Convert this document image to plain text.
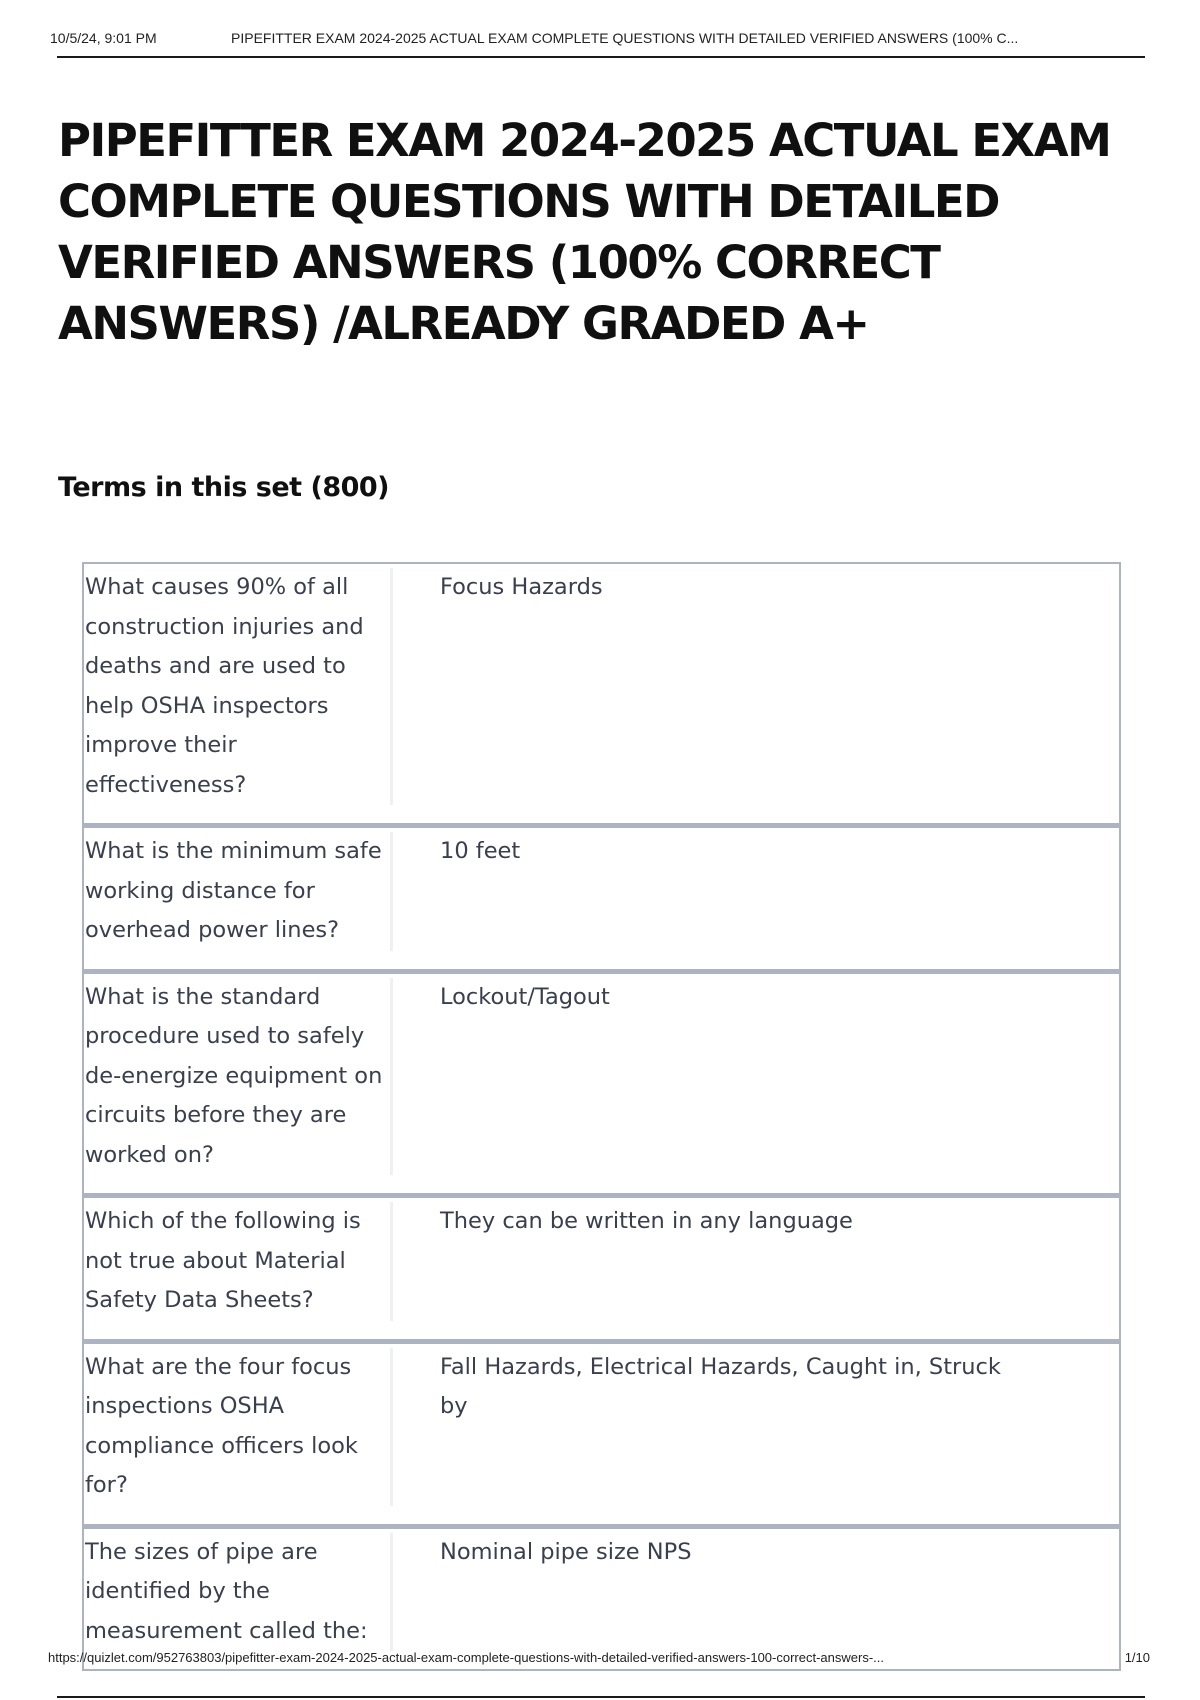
10/5/24, 9:01 PM	PIPEFITTER EXAM 2024-2025 ACTUAL EXAM COMPLETE QUESTIONS WITH DETAILED VERIFIED ANSWERS (100% C...
PIPEFITTER EXAM 2024-2025 ACTUAL EXAM COMPLETE QUESTIONS WITH DETAILED VERIFIED ANSWERS (100% CORRECT ANSWERS) /ALREADY GRADED A+
Terms in this set (800)
What causes 90% of all construction injuries and deaths and are used to help OSHA inspectors improve their effectiveness?
Focus Hazards
What is the minimum safe working distance for overhead power lines?
10 feet
What is the standard procedure used to safely de-energize equipment on circuits before they are worked on?
Lockout/Tagout
Which of the following is not true about Material Safety Data Sheets?
They can be written in any language
What are the four focus inspections OSHA compliance officers look for?
Fall Hazards, Electrical Hazards, Caught in, Struck by
The sizes of pipe are identified by the measurement called the:
Nominal pipe size NPS
https://quizlet.com/952763803/pipefitter-exam-2024-2025-actual-exam-complete-questions-with-detailed-verified-answers-100-correct-answers-...	1/10
